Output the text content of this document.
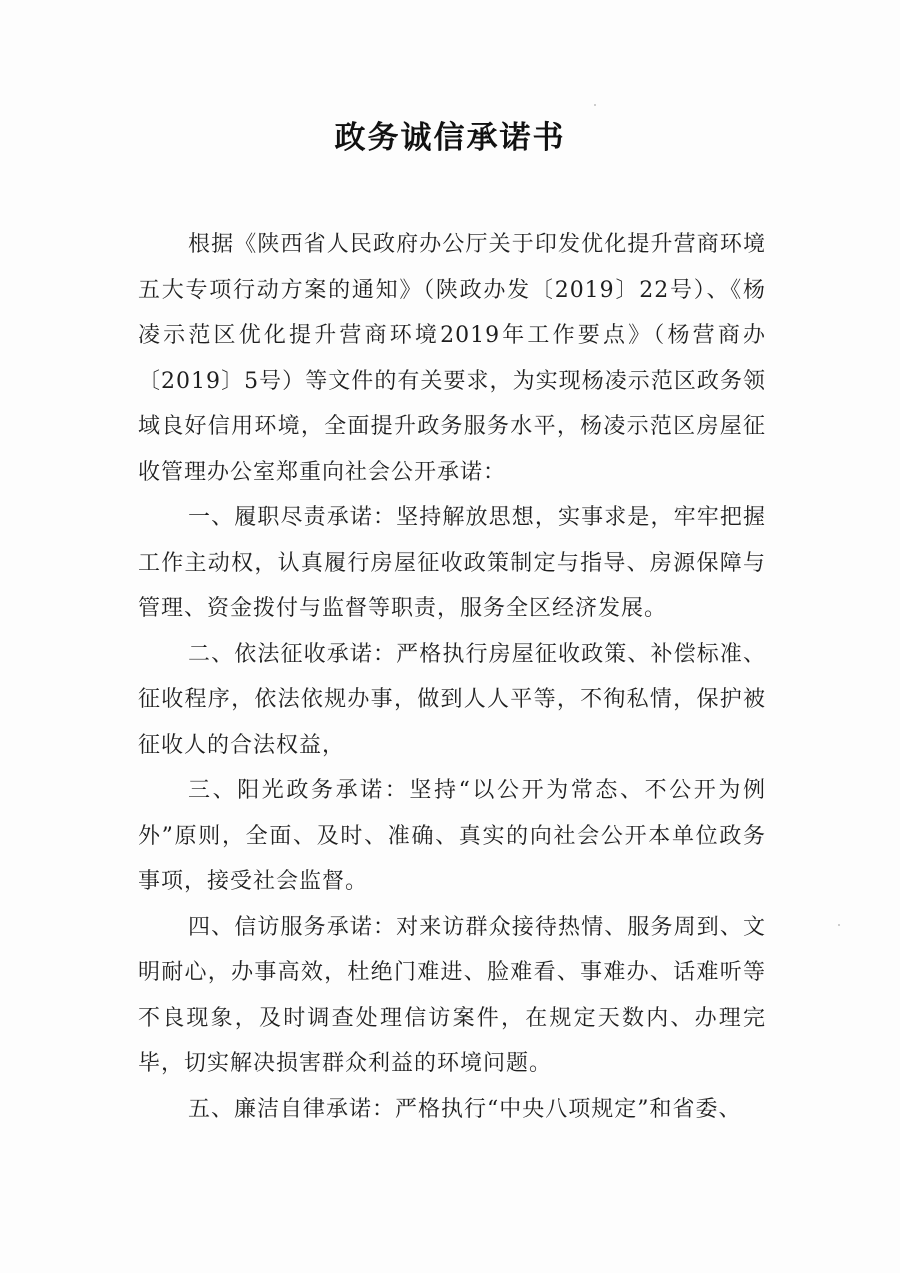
政务诚信承诺书

根据《陕西省人民政府办公厅关于印发优化提升营商环境五大专项行动方案的通知》（陕政办发〔2019〕22号）、《杨凌示范区优化提升营商环境2019年工作要点》（杨营商办〔2019〕5号）等文件的有关要求，为实现杨凌示范区政务领域良好信用环境，全面提升政务服务水平，杨凌示范区房屋征收管理办公室郑重向社会公开承诺：

一、履职尽责承诺：坚持解放思想，实事求是，牢牢把握工作主动权，认真履行房屋征收政策制定与指导、房源保障与管理、资金拨付与监督等职责，服务全区经济发展。

二、依法征收承诺：严格执行房屋征收政策、补偿标准、征收程序，依法依规办事，做到人人平等，不徇私情，保护被征收人的合法权益，

三、阳光政务承诺：坚持“以公开为常态、不公开为例外”原则，全面、及时、准确、真实的向社会公开本单位政务事项，接受社会监督。

四、信访服务承诺：对来访群众接待热情、服务周到、文明耐心，办事高效，杜绝门难进、脸难看、事难办、话难听等不良现象，及时调查处理信访案件，在规定天数内、办理完毕，切实解决损害群众利益的环境问题。

五、廉洁自律承诺：严格执行“中央八项规定”和省委、
